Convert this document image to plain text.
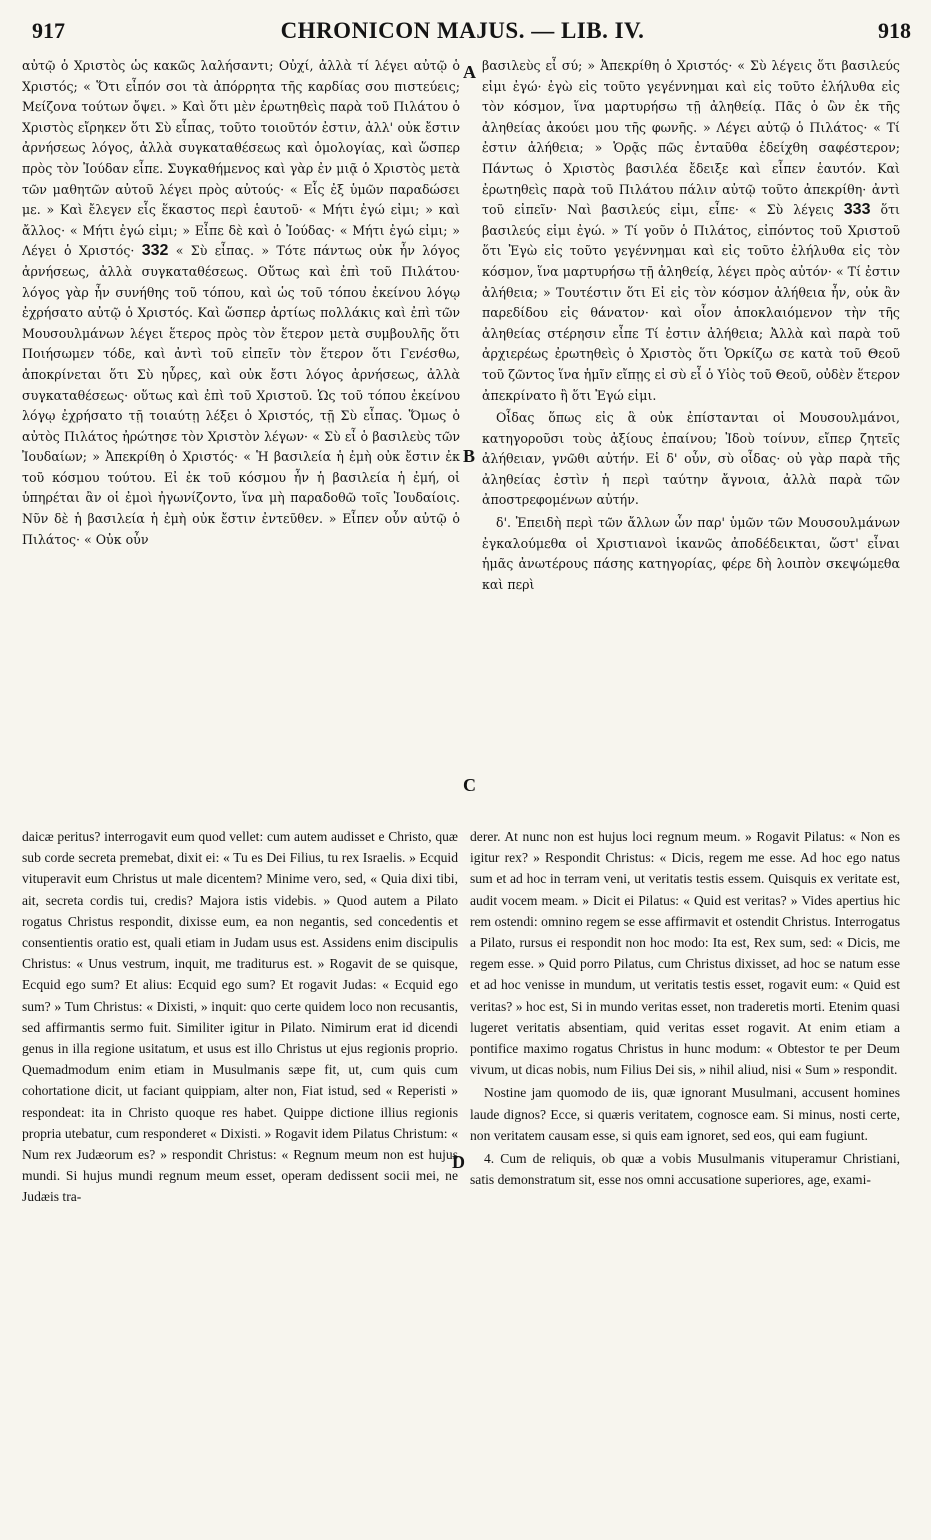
917	CHRONICON MAJUS. — LIB. IV.	918

αὐτῷ ὁ Χριστὸς ὡς κακῶς λαλήσαντι; Οὐχί, ἀλλὰ τί λέγει αὐτῷ ὁ Χριστός; « Ὅτι εἶπόν σοι τὰ ἀπόρρητα τῆς καρδίας σου πιστεύεις; Μείζονα τούτων ὄψει. » Καὶ ὅτι μὲν ἐρωτηθεὶς παρὰ τοῦ Πιλάτου ὁ Χριστὸς εἴρηκεν ὅτι Σὺ εἶπας, τοῦτο τοιοῦτόν ἐστιν, ἀλλ' οὐκ ἔστιν ἀρνήσεως λόγος, ἀλλὰ συγκαταθέσεως καὶ ὁμολογίας, καὶ ὥσπερ πρὸς τὸν Ἰούδαν εἶπε. Συγκαθήμενος καὶ γὰρ ἐν μιᾷ ὁ Χριστὸς μετὰ τῶν μαθητῶν αὐτοῦ λέγει πρὸς αὐτούς· « Εἷς ἐξ ὑμῶν παραδώσει με. » Καὶ ἔλεγεν εἷς ἕκαστος περὶ ἑαυτοῦ· « Μήτι ἐγώ εἰμι; » καὶ ἄλλος· « Μήτι ἐγώ εἰμι; » Εἶπε δὲ καὶ ὁ Ἰούδας· « Μήτι ἐγώ εἰμι; » Λέγει ὁ Χριστός· 332 « Σὺ εἶπας. » Τότε πάντως οὐκ ἦν λόγος ἀρνήσεως, ἀλλὰ συγκαταθέσεως. Οὕτως καὶ ἐπὶ τοῦ Πιλάτου· λόγος γὰρ ἦν συνήθης τοῦ τόπου, καὶ ὡς τοῦ τόπου ἐκείνου λόγῳ ἐχρήσατο αὐτῷ ὁ Χριστός. Καὶ ὥσπερ ἀρτίως πολλάκις καὶ ἐπὶ τῶν Μουσουλμάνων λέγει ἕτερος πρὸς τὸν ἕτερον μετὰ συμβουλῆς ὅτι Ποιήσωμεν τόδε, καὶ ἀντὶ τοῦ εἰπεῖν τὸν ἕτερον ὅτι Γενέσθω, ἀποκρίνεται ὅτι Σὺ ηὗρες, καὶ οὐκ ἔστι λόγος ἀρνήσεως, ἀλλὰ συγκαταθέσεως· οὕτως καὶ ἐπὶ τοῦ Χριστοῦ. Ὡς τοῦ τόπου ἐκείνου λόγῳ ἐχρήσατο τῇ τοιαύτῃ λέξει ὁ Χριστός, τῇ Σὺ εἶπας. Ὅμως ὁ αὐτὸς Πιλάτος ἠρώτησε τὸν Χριστὸν λέγων· « Σὺ εἶ ὁ βασιλεὺς τῶν Ἰουδαίων; » Ἀπεκρίθη ὁ Χριστός· « Ἡ βασιλεία ἡ ἐμὴ οὐκ ἔστιν ἐκ τοῦ κόσμου τούτου. Εἰ ἐκ τοῦ κόσμου ἦν ἡ βασιλεία ἡ ἐμή, οἱ ὑπηρέται ἂν οἱ ἐμοὶ ἠγωνίζοντο, ἵνα μὴ παραδοθῶ τοῖς Ἰουδαίοις. Νῦν δὲ ἡ βασιλεία ἡ ἐμὴ οὐκ ἔστιν ἐντεῦθεν. » Εἶπεν οὖν αὐτῷ ὁ Πιλάτος· « Οὐκ οὖν

βασιλεὺς εἶ σύ; » Ἀπεκρίθη ὁ Χριστός· « Σὺ λέγεις ὅτι βασιλεύς εἰμι ἐγώ· ἐγὼ εἰς τοῦτο γεγέννημαι καὶ εἰς τοῦτο ἐλήλυθα εἰς τὸν κόσμον, ἵνα μαρτυρήσω τῇ ἀληθείᾳ. Πᾶς ὁ ὢν ἐκ τῆς ἀληθείας ἀκούει μου τῆς φωνῆς. » Λέγει αὐτῷ ὁ Πιλάτος· « Τί ἐστιν ἀλήθεια; » Ὁρᾷς πῶς ἐνταῦθα ἐδείχθη σαφέστερον; Πάντως ὁ Χριστὸς βασιλέα ἔδειξε καὶ εἶπεν ἑαυτόν. Καὶ ἐρωτηθεὶς παρὰ τοῦ Πιλάτου πάλιν αὐτῷ τοῦτο ἀπεκρίθη· ἀντὶ τοῦ εἰπεῖν· Ναὶ βασιλεύς εἰμι, εἶπε· « Σὺ λέγεις 333 ὅτι βασιλεύς εἰμι ἐγώ. » Τί γοῦν ὁ Πιλάτος, εἰπόντος τοῦ Χριστοῦ ὅτι Ἐγὼ εἰς τοῦτο γεγέννημαι καὶ εἰς τοῦτο ἐλήλυθα εἰς τὸν κόσμον, ἵνα μαρτυρήσω τῇ ἀληθείᾳ, λέγει πρὸς αὐτόν· « Τί ἐστιν ἀλήθεια; » Τουτέστιν ὅτι Εἰ εἰς τὸν κόσμον ἀλήθεια ἦν, οὐκ ἂν παρεδίδου εἰς θάνατον· καὶ οἷον ἀποκλαιόμενον τὴν τῆς ἀληθείας στέρησιν εἶπε Τί ἐστιν ἀλήθεια; Ἀλλὰ καὶ παρὰ τοῦ ἀρχιερέως ἐρωτηθεὶς ὁ Χριστὸς ὅτι Ὁρκίζω σε κατὰ τοῦ Θεοῦ τοῦ ζῶντος ἵνα ἡμῖν εἴπῃς εἰ σὺ εἶ ὁ Υἱὸς τοῦ Θεοῦ, οὐδὲν ἕτερον ἀπεκρίνατο ἢ ὅτι Ἐγώ εἰμι.

Οἶδας ὅπως εἰς ἃ οὐκ ἐπίστανται οἱ Μουσουλμάνοι, κατηγοροῦσι τοὺς ἀξίους ἐπαίνου; Ἰδοὺ τοίνυν, εἴπερ ζητεῖς ἀλήθειαν, γνῶθι αὐτήν. Εἰ δ' οὖν, σὺ οἶδας· οὐ γὰρ παρὰ τῆς ἀληθείας ἐστὶν ἡ περὶ ταύτην ἄγνοια, ἀλλὰ παρὰ τῶν ἀποστρεφομένων αὐτήν.

δ'. Ἐπειδὴ περὶ τῶν ἄλλων ὧν παρ' ὑμῶν τῶν Μουσουλμάνων ἐγκαλούμεθα οἱ Χριστιανοὶ ἱκανῶς ἀποδέδεικται, ὥστ' εἶναι ἡμᾶς ἀνωτέρους πάσης κατηγορίας, φέρε δὴ λοιπὸν σκεψώμεθα καὶ περὶ

daicæ peritus? interrogavit eum quod vellet: cum autem audisset e Christo, quæ sub corde secreta premebat, dixit ei: « Tu es Dei Filius, tu rex Israelis. » Ecquid vituperavit eum Christus ut male dicentem? Minime vero, sed, « Quia dixi tibi, ait, secreta cordis tui, credis? Majora istis videbis. » Quod autem a Pilato rogatus Christus respondit, dixisse eum, ea non negantis, sed concedentis et consentientis oratio est, quali etiam in Judam usus est. Assidens enim discipulis Christus: « Unus vestrum, inquit, me traditurus est. » Rogavit de se quisque, Ecquid ego sum? Et alius: Ecquid ego sum? Et rogavit Judas: « Ecquid ego sum? » Tum Christus: « Dixisti, » inquit: quo certe quidem loco non recusantis, sed affirmantis sermo fuit. Similiter igitur in Pilato. Nimirum erat id dicendi genus in illa regione usitatum, et usus est illo Christus ut ejus regionis proprio. Quemadmodum enim etiam in Musulmanis sæpe fit, ut, cum quis cum cohortatione dicit, ut faciant quippiam, alter non, Fiat istud, sed « Reperisti » respondeat: ita in Christo quoque res habet. Quippe dictione illius regionis propria utebatur, cum responderet « Dixisti. » Rogavit idem Pilatus Christum: « Num rex Judæorum es? » respondit Christus: « Regnum meum non est hujus mundi. Si hujus mundi regnum meum esset, operam dedissent socii mei, ne Judæis tra-

derer. At nunc non est hujus loci regnum meum. » Rogavit Pilatus: « Non es igitur rex? » Respondit Christus: « Dicis, regem me esse. Ad hoc ego natus sum et ad hoc in terram veni, ut veritatis testis essem. Quisquis ex veritate est, audit vocem meam. » Dicit ei Pilatus: « Quid est veritas? » Vides apertius hic rem ostendi: omnino regem se esse affirmavit et ostendit Christus. Interrogatus a Pilato, rursus ei respondit non hoc modo: Ita est, Rex sum, sed: « Dicis, me regem esse. » Quid porro Pilatus, cum Christus dixisset, ad hoc se natum esse et ad hoc venisse in mundum, ut veritatis testis esset, rogavit eum: « Quid est veritas? » hoc est, Si in mundo veritas esset, non traderetis morti. Etenim quasi lugeret veritatis absentiam, quid veritas esset rogavit. At enim etiam a pontifice maximo rogatus Christus in hunc modum: « Obtestor te per Deum vivum, ut dicas nobis, num Filius Dei sis, » nihil aliud, nisi « Sum » respondit.

Nostine jam quomodo de iis, quæ ignorant Musulmani, accusent homines laude dignos? Ecce, si quæris veritatem, cognosce eam. Si minus, nosti certe, non veritatem causam esse, si quis eam ignoret, sed eos, qui eam fugiunt.

4. Cum de reliquis, ob quæ a vobis Musulmanis vituperamur Christiani, satis demonstratum sit, esse nos omni accusatione superiores, age, exami-

A
B
C
D
